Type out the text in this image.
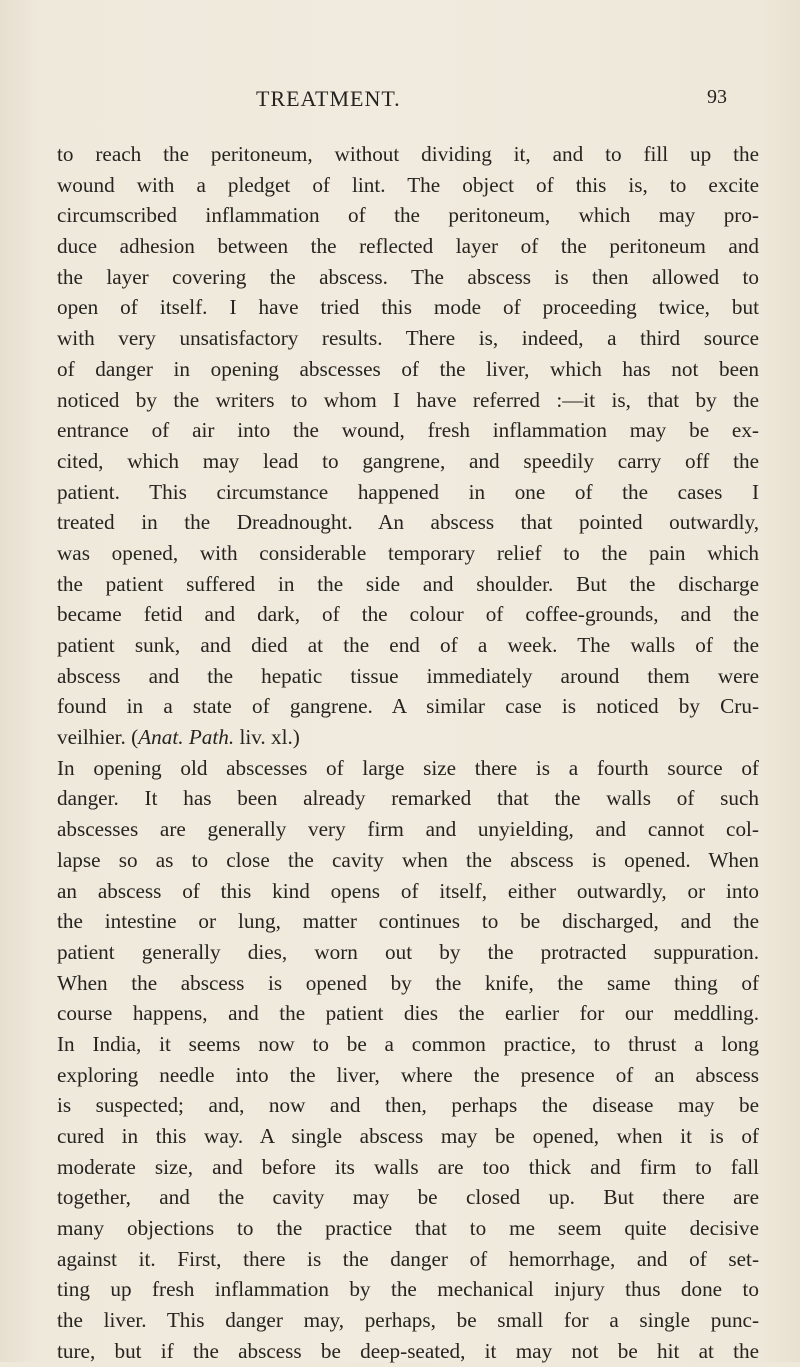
TREATMENT.	93
to reach the peritoneum, without dividing it, and to fill up the
wound with a pledget of lint. The object of this is, to excite
circumscribed inflammation of the peritoneum, which may pro-
duce adhesion between the reflected layer of the peritoneum and
the layer covering the abscess. The abscess is then allowed to
open of itself. I have tried this mode of proceeding twice, but
with very unsatisfactory results. There is, indeed, a third source
of danger in opening abscesses of the liver, which has not been
noticed by the writers to whom I have referred :—it is, that by the
entrance of air into the wound, fresh inflammation may be ex-
cited, which may lead to gangrene, and speedily carry off the
patient. This circumstance happened in one of the cases I
treated in the Dreadnought. An abscess that pointed outwardly,
was opened, with considerable temporary relief to the pain which
the patient suffered in the side and shoulder. But the discharge
became fetid and dark, of the colour of coffee-grounds, and the
patient sunk, and died at the end of a week. The walls of the
abscess and the hepatic tissue immediately around them were
found in a state of gangrene. A similar case is noticed by Cru-
veilhier. (Anat. Path. liv. xl.)
In opening old abscesses of large size there is a fourth source of
danger. It has been already remarked that the walls of such
abscesses are generally very firm and unyielding, and cannot col-
lapse so as to close the cavity when the abscess is opened. When
an abscess of this kind opens of itself, either outwardly, or into
the intestine or lung, matter continues to be discharged, and the
patient generally dies, worn out by the protracted suppuration.
When the abscess is opened by the knife, the same thing of
course happens, and the patient dies the earlier for our meddling.
In India, it seems now to be a common practice, to thrust a long
exploring needle into the liver, where the presence of an abscess
is suspected; and, now and then, perhaps the disease may be
cured in this way. A single abscess may be opened, when it is of
moderate size, and before its walls are too thick and firm to fall
together, and the cavity may be closed up. But there are
many objections to the practice that to me seem quite decisive
against it. First, there is the danger of hemorrhage, and of set-
ting up fresh inflammation by the mechanical injury thus done to
the liver. This danger may, perhaps, be small for a single punc-
ture, but if the abscess be deep-seated, it may not be hit at the
